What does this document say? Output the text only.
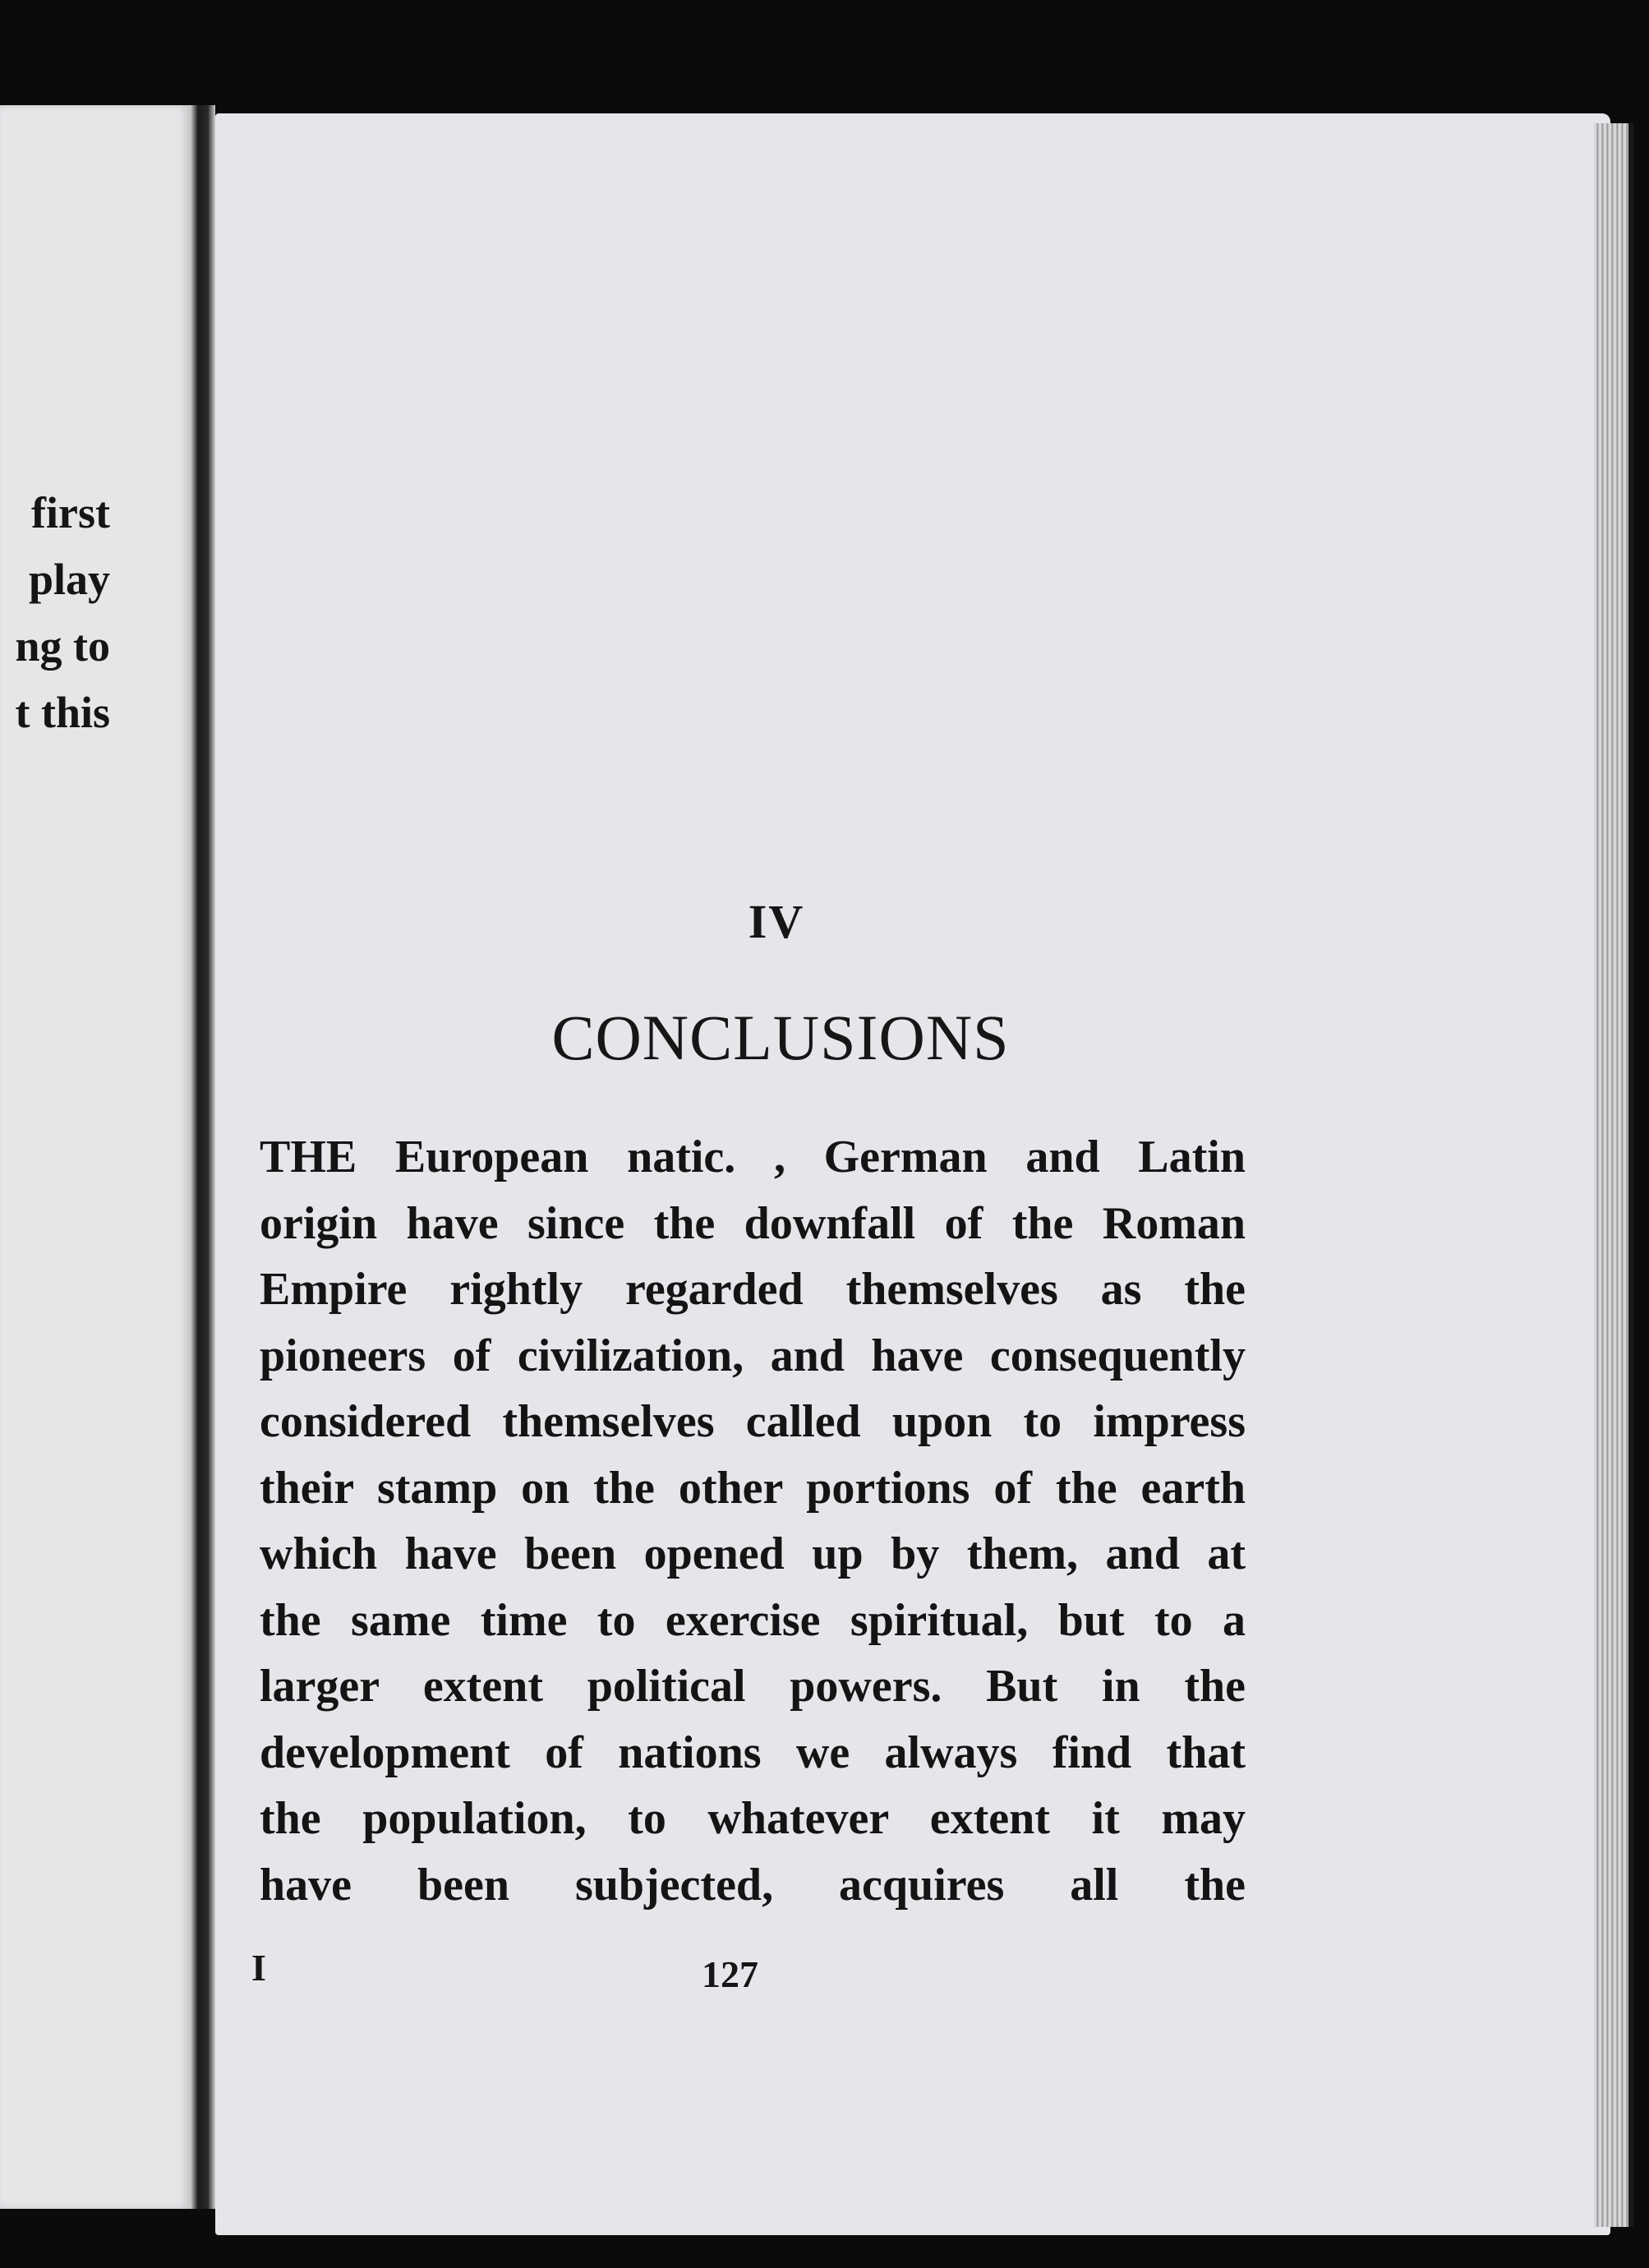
first
play
ng to
t this
IV
CONCLUSIONS
THE European natic. , German and Latin
origin have since the downfall of the Roman
Empire rightly regarded themselves as the
pioneers of civilization, and have consequently
considered themselves called upon to impress
their stamp on the other portions of the earth
which have been opened up by them, and at
the same time to exercise spiritual, but to a
larger extent political powers. But in the
development of nations we always find that
the population, to whatever extent it may
have been subjected, acquires all the
I	127
